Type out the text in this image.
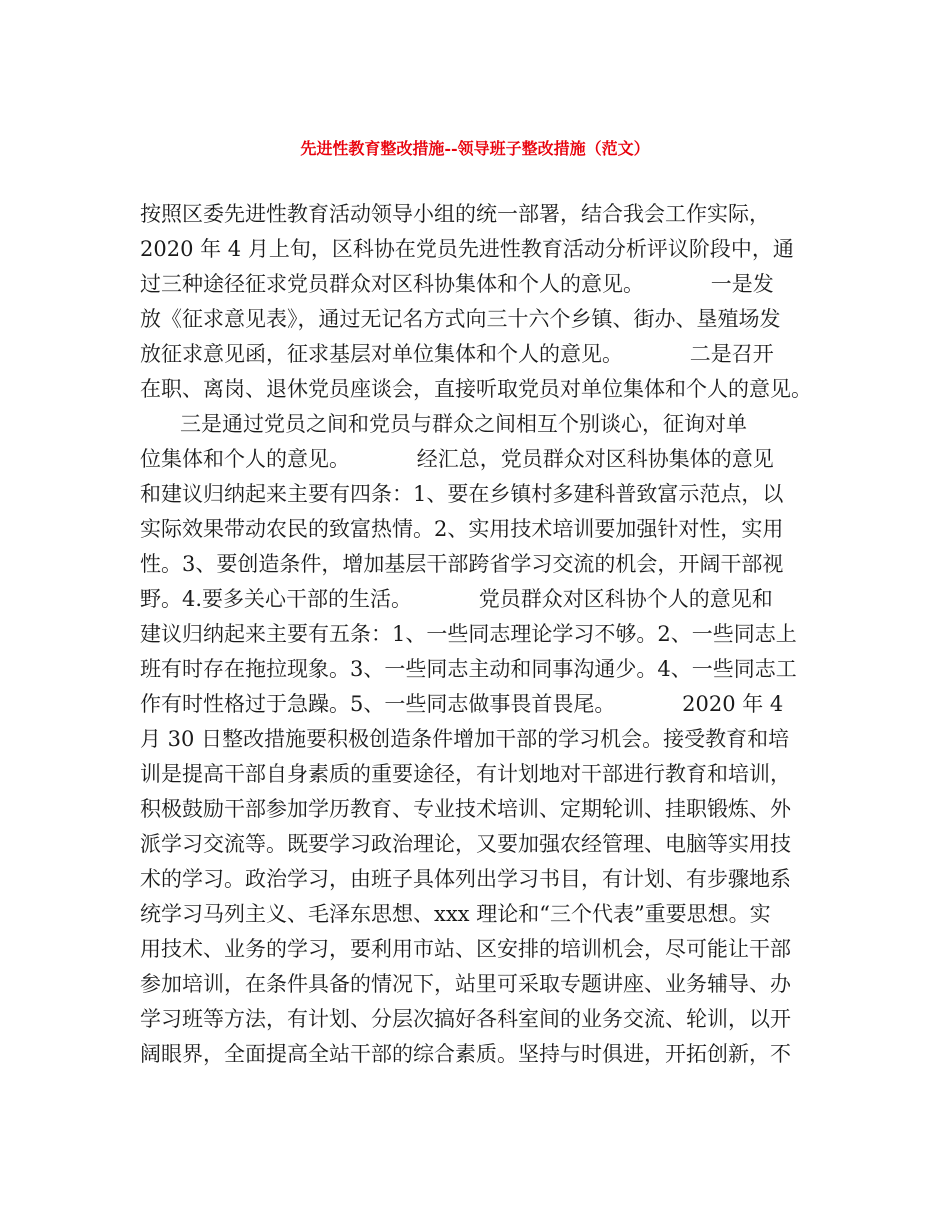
先进性教育整改措施--领导班子整改措施（范文）
按照区委先进性教育活动领导小组的统一部署，结合我会工作实际，
2020 年 4 月上旬，区科协在党员先进性教育活动分析评议阶段中，通
过三种途径征求党员群众对区科协集体和个人的意见。          一是发
放《征求意见表》，通过无记名方式向三十六个乡镇、街办、垦殖场发
放征求意见函，征求基层对单位集体和个人的意见。          二是召开
在职、离岗、退休党员座谈会，直接听取党员对单位集体和个人的意见。
三是通过党员之间和党员与群众之间相互个别谈心，征询对单
位集体和个人的意见。          经汇总，党员群众对区科协集体的意见
和建议归纳起来主要有四条：1、要在乡镇村多建科普致富示范点，以
实际效果带动农民的致富热情。2、实用技术培训要加强针对性，实用
性。3、要创造条件，增加基层干部跨省学习交流的机会，开阔干部视
野。4.要多关心干部的生活。          党员群众对区科协个人的意见和
建议归纳起来主要有五条：1、一些同志理论学习不够。2、一些同志上
班有时存在拖拉现象。3、一些同志主动和同事沟通少。4、一些同志工
作有时性格过于急躁。5、一些同志做事畏首畏尾。          2020 年 4
月 30 日整改措施要积极创造条件增加干部的学习机会。接受教育和培
训是提高干部自身素质的重要途径，有计划地对干部进行教育和培训，
积极鼓励干部参加学历教育、专业技术培训、定期轮训、挂职锻炼、外
派学习交流等。既要学习政治理论，又要加强农经管理、电脑等实用技
术的学习。政治学习，由班子具体列出学习书目，有计划、有步骤地系
统学习马列主义、毛泽东思想、xxx 理论和“三个代表”重要思想。实
用技术、业务的学习，要利用市站、区安排的培训机会，尽可能让干部
参加培训，在条件具备的情况下，站里可采取专题讲座、业务辅导、办
学习班等方法，有计划、分层次搞好各科室间的业务交流、轮训，以开
阔眼界，全面提高全站干部的综合素质。坚持与时俱进，开拓创新，不
